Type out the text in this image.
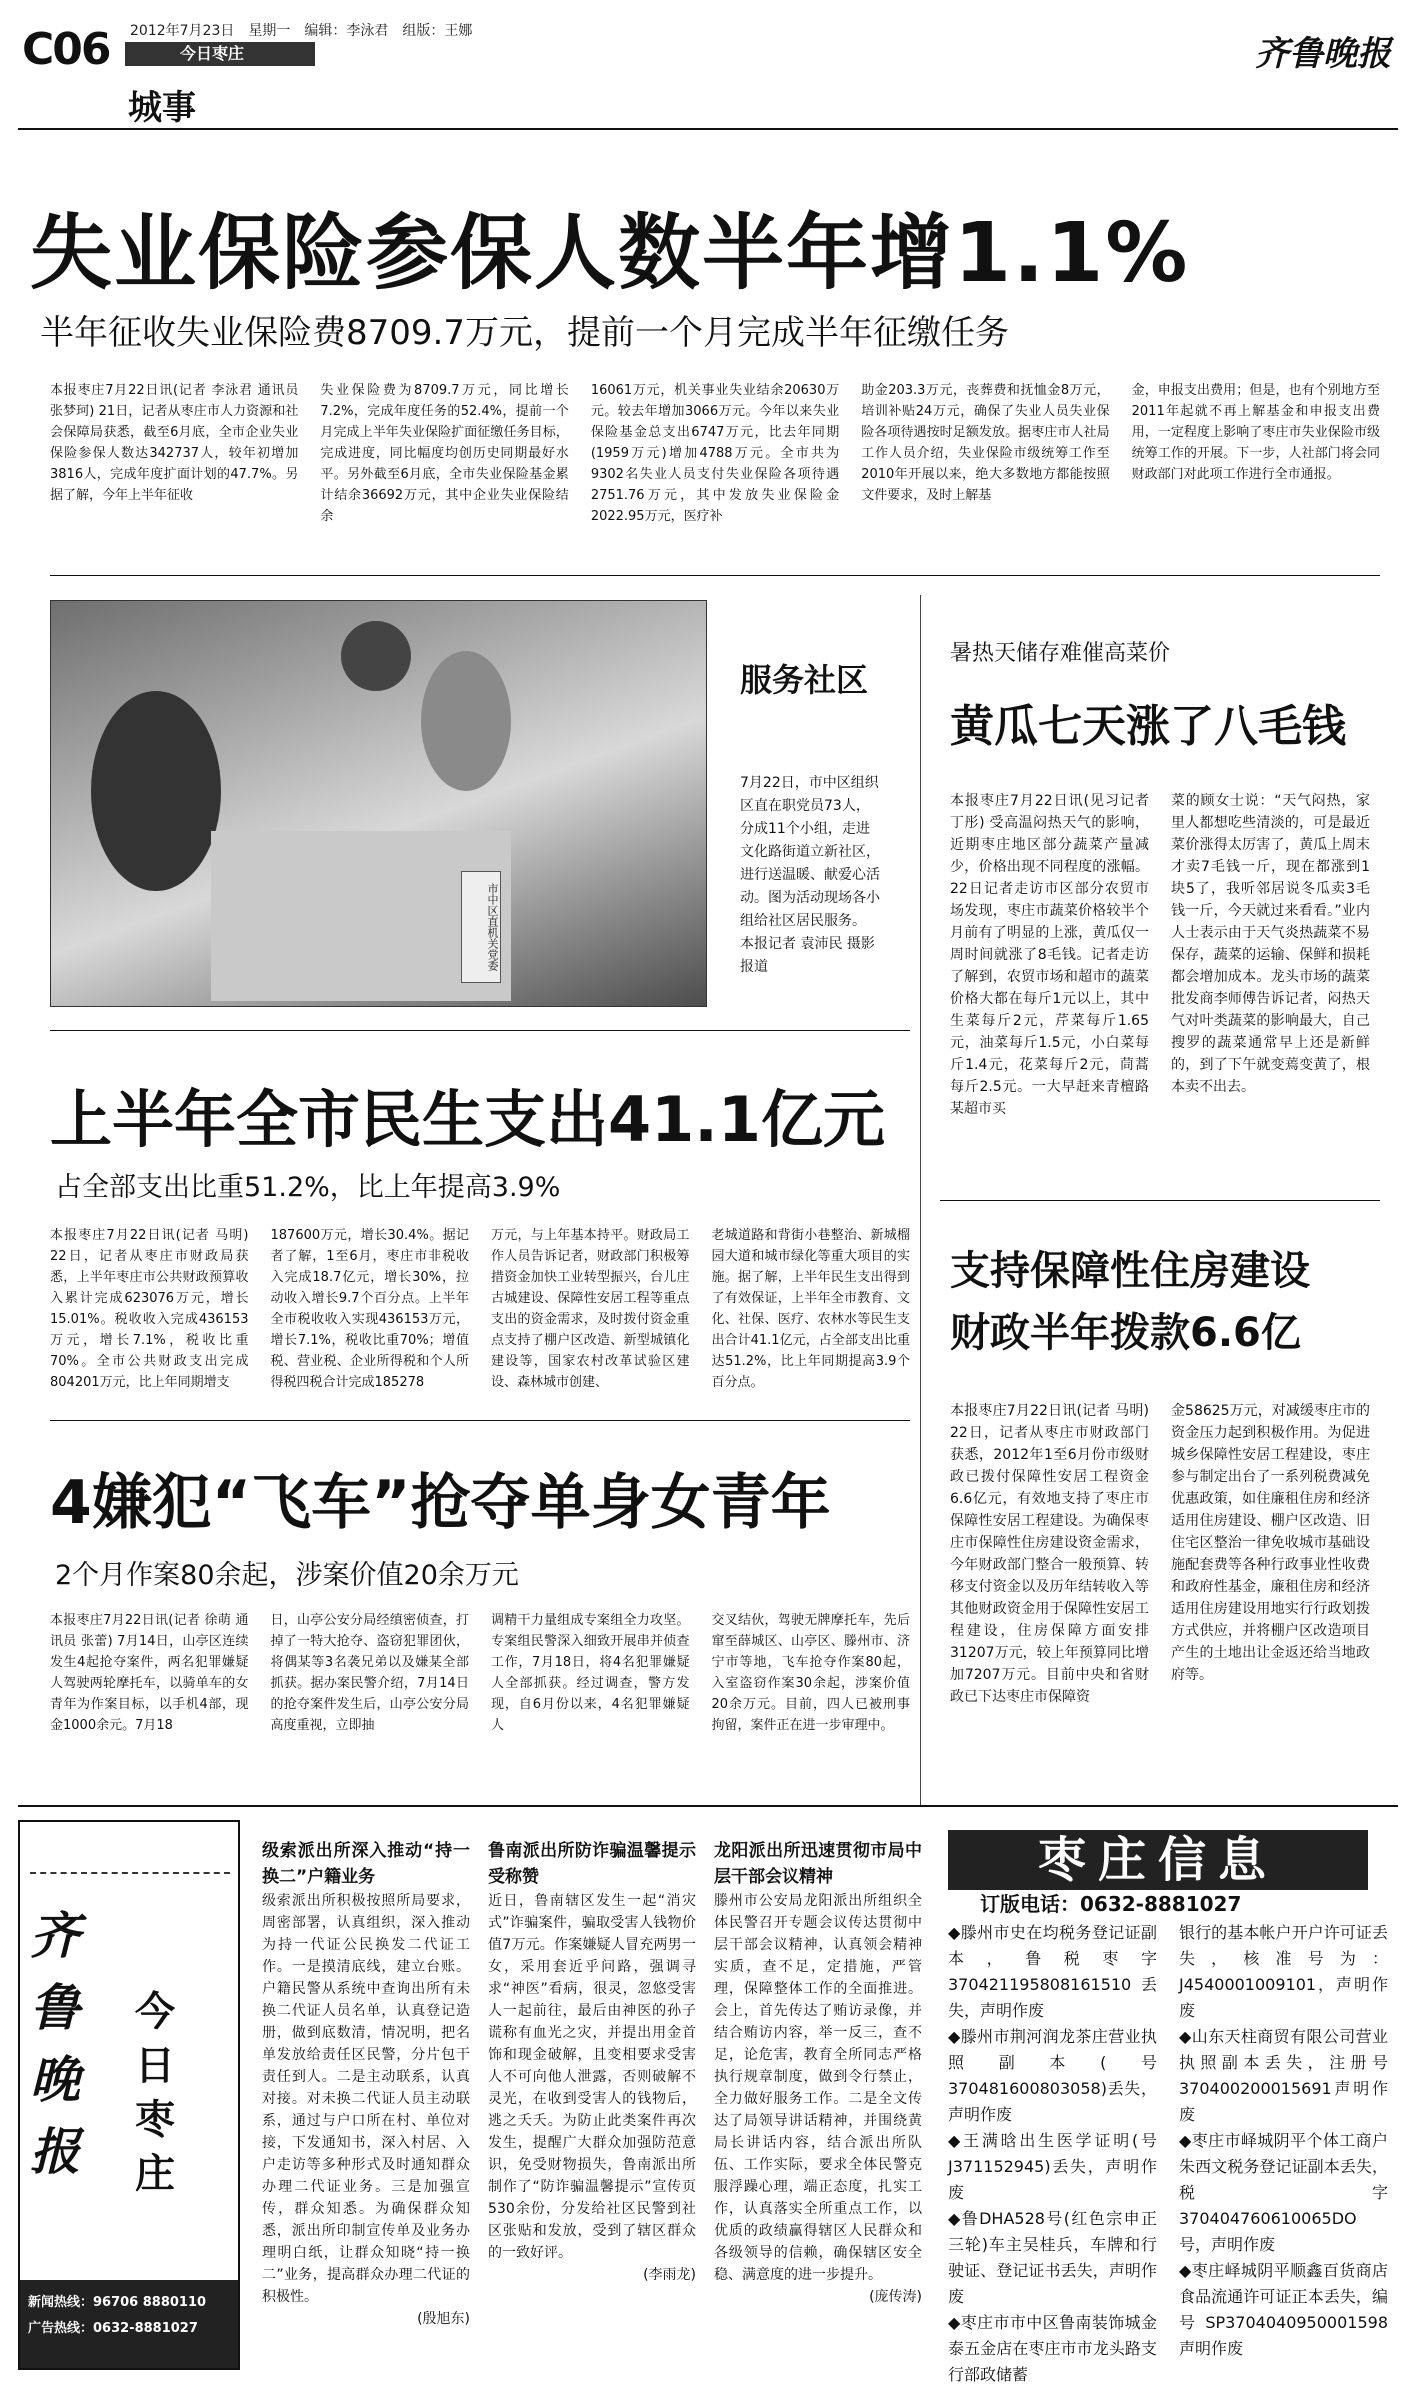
C06 2012年7月23日　星期一　编辑：李泳君　组版：王娜
今日枣庄
城事
齐鲁晚报
失业保险参保人数半年增1.1%
半年征收失业保险费8709.7万元，提前一个月完成半年征缴任务
本报枣庄7月22日讯(记者 李泳君 通讯员 张梦珂) 21日，记者从枣庄市人力资源和社会保障局获悉，截至6月底，全市企业失业保险参保人数达342737人，较年初增加3816人，完成年度扩面计划的47.7%。另据了解，今年上半年征收
失业保险费为8709.7万元，同比增长7.2%，完成年度任务的52.4%，提前一个月完成上半年失业保险扩面征缴任务目标，完成进度，同比幅度均创历史同期最好水平。另外截至6月底，全市失业保险基金累计结余36692万元，其中企业失业保险结余
16061万元，机关事业失业结余20630万元。较去年增加3066万元。今年以来失业保险基金总支出6747万元，比去年同期(1959万元)增加4788万元。全市共为9302名失业人员支付失业保险各项待遇2751.76万元，其中发放失业保险金2022.95万元，医疗补
助金203.3万元，丧葬费和抚恤金8万元，培训补贴24万元，确保了失业人员失业保险各项待遇按时足额发放。据枣庄市人社局工作人员介绍，失业保险市级统筹工作至2010年开展以来，绝大多数地方都能按照文件要求，及时上解基
金，申报支出费用；但是，也有个别地方至2011年起就不再上解基金和申报支出费用，一定程度上影响了枣庄市失业保险市级统筹工作的开展。下一步，人社部门将会同财政部门对此项工作进行全市通报。
市中区直机关党委
服务社区
7月22日，市中区组织区直在职党员73人，分成11个小组，走进文化路街道立新社区，进行送温暖、献爱心活动。图为活动现场各小组给社区居民服务。　本报记者 袁沛民 摄影报道
暑热天储存难催高菜价
黄瓜七天涨了八毛钱
本报枣庄7月22日讯(见习记者 丁彤) 受高温闷热天气的影响，近期枣庄地区部分蔬菜产量减少，价格出现不同程度的涨幅。22日记者走访市区部分农贸市场发现，枣庄市蔬菜价格较半个月前有了明显的上涨，黄瓜仅一周时间就涨了8毛钱。记者走访了解到，农贸市场和超市的蔬菜价格大都在每斤1元以上，其中生菜每斤2元，芹菜每斤1.65元，油菜每斤1.5元，小白菜每斤1.4元，花菜每斤2元，茼蒿每斤2.5元。一大早赶来青檀路某超市买
菜的顾女士说：“天气闷热，家里人都想吃些清淡的，可是最近菜价涨得太厉害了，黄瓜上周末才卖7毛钱一斤，现在都涨到1块5了，我听邻居说冬瓜卖3毛钱一斤，今天就过来看看。”业内人士表示由于天气炎热蔬菜不易保存，蔬菜的运输、保鲜和损耗都会增加成本。龙头市场的蔬菜批发商李师傅告诉记者，闷热天气对叶类蔬菜的影响最大，自己搜罗的蔬菜通常早上还是新鲜的，到了下午就变蔫变黄了，根本卖不出去。
上半年全市民生支出41.1亿元
占全部支出比重51.2%，比上年提高3.9%
本报枣庄7月22日讯(记者 马明) 22日，记者从枣庄市财政局获悉，上半年枣庄市公共财政预算收入累计完成623076万元，增长15.01%。税收收入完成436153万元，增长7.1%，税收比重70%。全市公共财政支出完成804201万元，比上年同期增支
187600万元，增长30.4%。据记者了解，1至6月，枣庄市非税收入完成18.7亿元，增长30%，拉动收入增长9.7个百分点。上半年全市税收收入实现436153万元，增长7.1%，税收比重70%；增值税、营业税、企业所得税和个人所得税四税合计完成185278
万元，与上年基本持平。财政局工作人员告诉记者，财政部门积极筹措资金加快工业转型振兴，台儿庄古城建设、保障性安居工程等重点支出的资金需求，及时拨付资金重点支持了棚户区改造、新型城镇化建设等，国家农村改革试验区建设、森林城市创建、
老城道路和背街小巷整治、新城榴园大道和城市绿化等重大项目的实施。据了解，上半年民生支出得到了有效保证，上半年全市教育、文化、社保、医疗、农林水等民生支出合计41.1亿元，占全部支出比重达51.2%，比上年同期提高3.9个百分点。
支持保障性住房建设
财政半年拨款6.6亿
本报枣庄7月22日讯(记者 马明) 22日，记者从枣庄市财政部门获悉，2012年1至6月份市级财政已拨付保障性安居工程资金6.6亿元，有效地支持了枣庄市保障性安居工程建设。为确保枣庄市保障性住房建设资金需求，今年财政部门整合一般预算、转移支付资金以及历年结转收入等其他财政资金用于保障性安居工程建设，住房保障方面安排31207万元，较上年预算同比增加7207万元。目前中央和省财政已下达枣庄市保障资
金58625万元，对减缓枣庄市的资金压力起到积极作用。为促进城乡保障性安居工程建设，枣庄参与制定出台了一系列税费减免优惠政策，如住廉租住房和经济适用住房建设、棚户区改造、旧住宅区整治一律免收城市基础设施配套费等各种行政事业性收费和政府性基金，廉租住房和经济适用住房建设用地实行行政划拨方式供应，并将棚户区改造项目产生的土地出让金返还给当地政府等。
4嫌犯“飞车”抢夺单身女青年
2个月作案80余起，涉案价值20余万元
本报枣庄7月22日讯(记者 徐萌 通讯员 张蕾) 7月14日，山亭区连续发生4起抢夺案件，两名犯罪嫌疑人驾驶两轮摩托车，以骑单车的女青年为作案目标，以手机4部，现金1000余元。7月18
日，山亭公安分局经缜密侦查，打掉了一特大抢夺、盗窃犯罪团伙，将偶某等3名袭兄弟以及嫌某全部抓获。据办案民警介绍，7月14日的抢夺案件发生后，山亭公安分局高度重视，立即抽
调精干力量组成专案组全力攻坚。专案组民警深入细致开展串并侦查工作，7月18日，将4名犯罪嫌疑人全部抓获。经过调查，警方发现，自6月份以来，4名犯罪嫌疑人
交叉结伙，驾驶无牌摩托车，先后窜至薛城区、山亭区、滕州市、济宁市等地，飞车抢夺作案80起，入室盗窃作案30余起，涉案价值20余万元。目前，四人已被刑事拘留，案件正在进一步审理中。
齐鲁晚报
今日枣庄
新闻热线：96706 8880110
广告热线：0632-8881027
级索派出所深入推动“持一换二”户籍业务
级索派出所积极按照所局要求，周密部署，认真组织，深入推动为持一代证公民换发二代证工作。一是摸清底线，建立台账。户籍民警从系统中查询出所有未换二代证人员名单，认真登记造册，做到底数清，情况明，把名单发放给责任区民警，分片包干责任到人。二是主动联系，认真对接。对未换二代证人员主动联系，通过与户口所在村、单位对接，下发通知书，深入村居、入户走访等多种形式及时通知群众办理二代证业务。三是加强宣传，群众知悉。为确保群众知悉，派出所印制宣传单及业务办理明白纸，让群众知晓“持一换二”业务，提高群众办理二代证的积极性。
(殷旭东)
鲁南派出所防诈骗温馨提示受称赞
近日，鲁南辖区发生一起“消灾式”诈骗案件，骗取受害人钱物价值7万元。作案嫌疑人冒充两男一女，采用套近乎问路，强调寻求“神医”看病，很灵，忽悠受害人一起前往，最后由神医的孙子谎称有血光之灾，并提出用金首饰和现金破解，且变相要求受害人不可向他人泄露，否则破解不灵光，在收到受害人的钱物后，逃之夭夭。为防止此类案件再次发生，提醒广大群众加强防范意识，免受财物损失，鲁南派出所制作了“防诈骗温馨提示”宣传页530余份，分发给社区民警到社区张贴和发放，受到了辖区群众的一致好评。
(李雨龙)
龙阳派出所迅速贯彻市局中层干部会议精神
滕州市公安局龙阳派出所组织全体民警召开专题会议传达贯彻中层干部会议精神，认真领会精神实质，查不足，定措施，严管理，保障整体工作的全面推进。会上，首先传达了贿访录像，并结合贿访内容，举一反三，查不足，论危害，教育全所同志严格执行规章制度，做到令行禁止，全力做好服务工作。二是全文传达了局领导讲话精神，并围绕黄局长讲话内容，结合派出所队伍、工作实际，要求全体民警克服浮躁心理，端正态度，扎实工作，认真落实全所重点工作，以优质的政绩赢得辖区人民群众和各级领导的信赖，确保辖区安全稳、满意度的进一步提升。
(庞传涛)
枣庄信息
订版电话：0632-8881027
◆滕州市史在均税务登记证副本，鲁税枣字370421195808161510丢失，声明作废
◆滕州市荆河润龙茶庄营业执照副本(号370481600803058)丢失，声明作废
◆王满晗出生医学证明(号J371152945)丢失，声明作废
◆鲁DHA528号(红色宗申正三轮)车主吴桂兵，车牌和行驶证、登记证书丢失，声明作废
◆枣庄市市中区鲁南装饰城金泰五金店在枣庄市市龙头路支行部政储蓄
银行的基本帐户开户许可证丢失，核准号为：J4540001009101，声明作废
◆山东天柱商贸有限公司营业执照副本丢失，注册号370400200015691声明作废
◆枣庄市峄城阴平个体工商户朱西文税务登记证副本丢失，税字370404760610065DO号，声明作废
◆枣庄峄城阴平顺鑫百货商店食品流通许可证正本丢失，编号SP3704040950001598声明作废
